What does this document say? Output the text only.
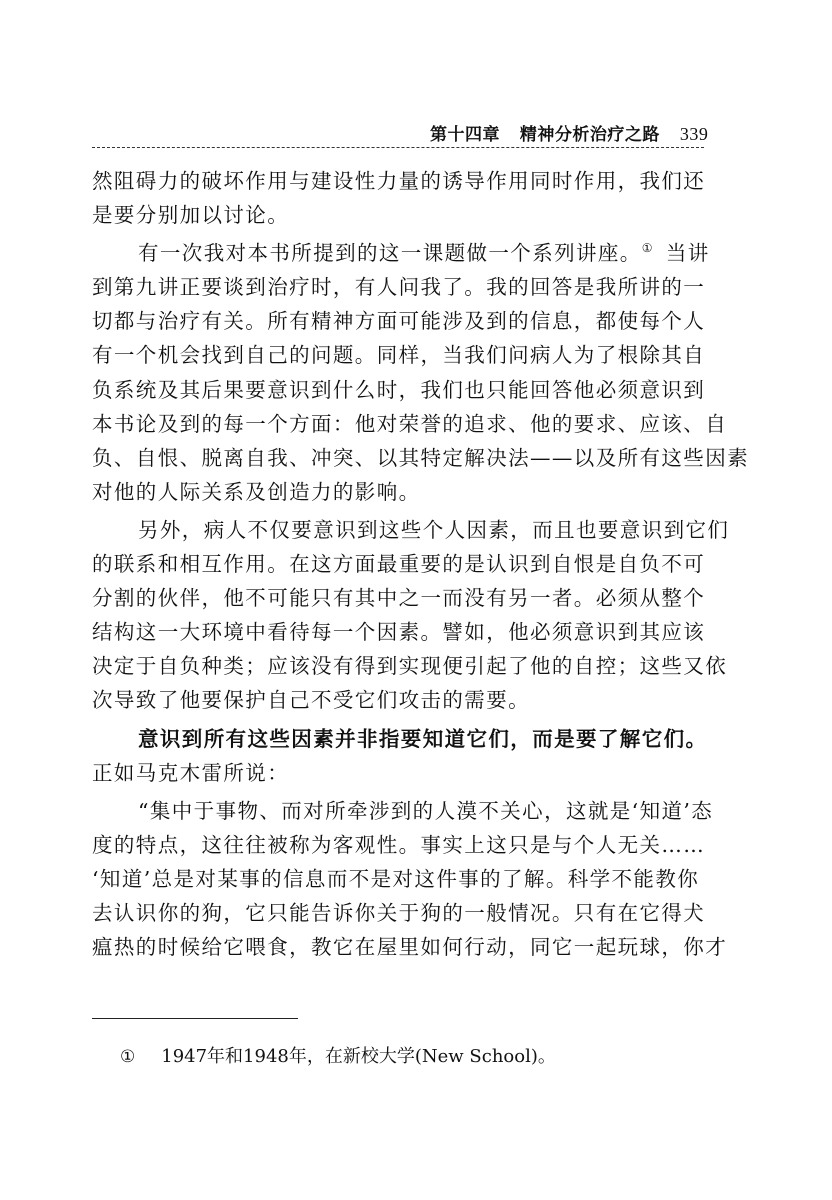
第十四章 精神分析治疗之路 339
然阻碍力的破坏作用与建设性力量的诱导作用同时作用，我们还
是要分别加以讨论。
有一次我对本书所提到的这一课题做一个系列讲座。① 当讲
到第九讲正要谈到治疗时，有人问我了。我的回答是我所讲的一
切都与治疗有关。所有精神方面可能涉及到的信息，都使每个人
有一个机会找到自己的问题。同样，当我们问病人为了根除其自
负系统及其后果要意识到什么时，我们也只能回答他必须意识到
本书论及到的每一个方面：他对荣誉的追求、他的要求、应该、自
负、自恨、脱离自我、冲突、以其特定解决法——以及所有这些因素
对他的人际关系及创造力的影响。
另外，病人不仅要意识到这些个人因素，而且也要意识到它们
的联系和相互作用。在这方面最重要的是认识到自恨是自负不可
分割的伙伴，他不可能只有其中之一而没有另一者。必须从整个
结构这一大环境中看待每一个因素。譬如，他必须意识到其应该
决定于自负种类；应该没有得到实现便引起了他的自控；这些又依
次导致了他要保护自己不受它们攻击的需要。
意识到所有这些因素并非指要知道它们，而是要了解它们。
正如马克木雷所说：
“集中于事物、而对所牵涉到的人漠不关心，这就是‘知道’态
度的特点，这往往被称为客观性。事实上这只是与个人无关……
‘知道’总是对某事的信息而不是对这件事的了解。科学不能教你
去认识你的狗，它只能告诉你关于狗的一般情况。只有在它得犬
瘟热的时候给它喂食，教它在屋里如何行动，同它一起玩球，你才
① 1947年和1948年，在新校大学(New School)。
